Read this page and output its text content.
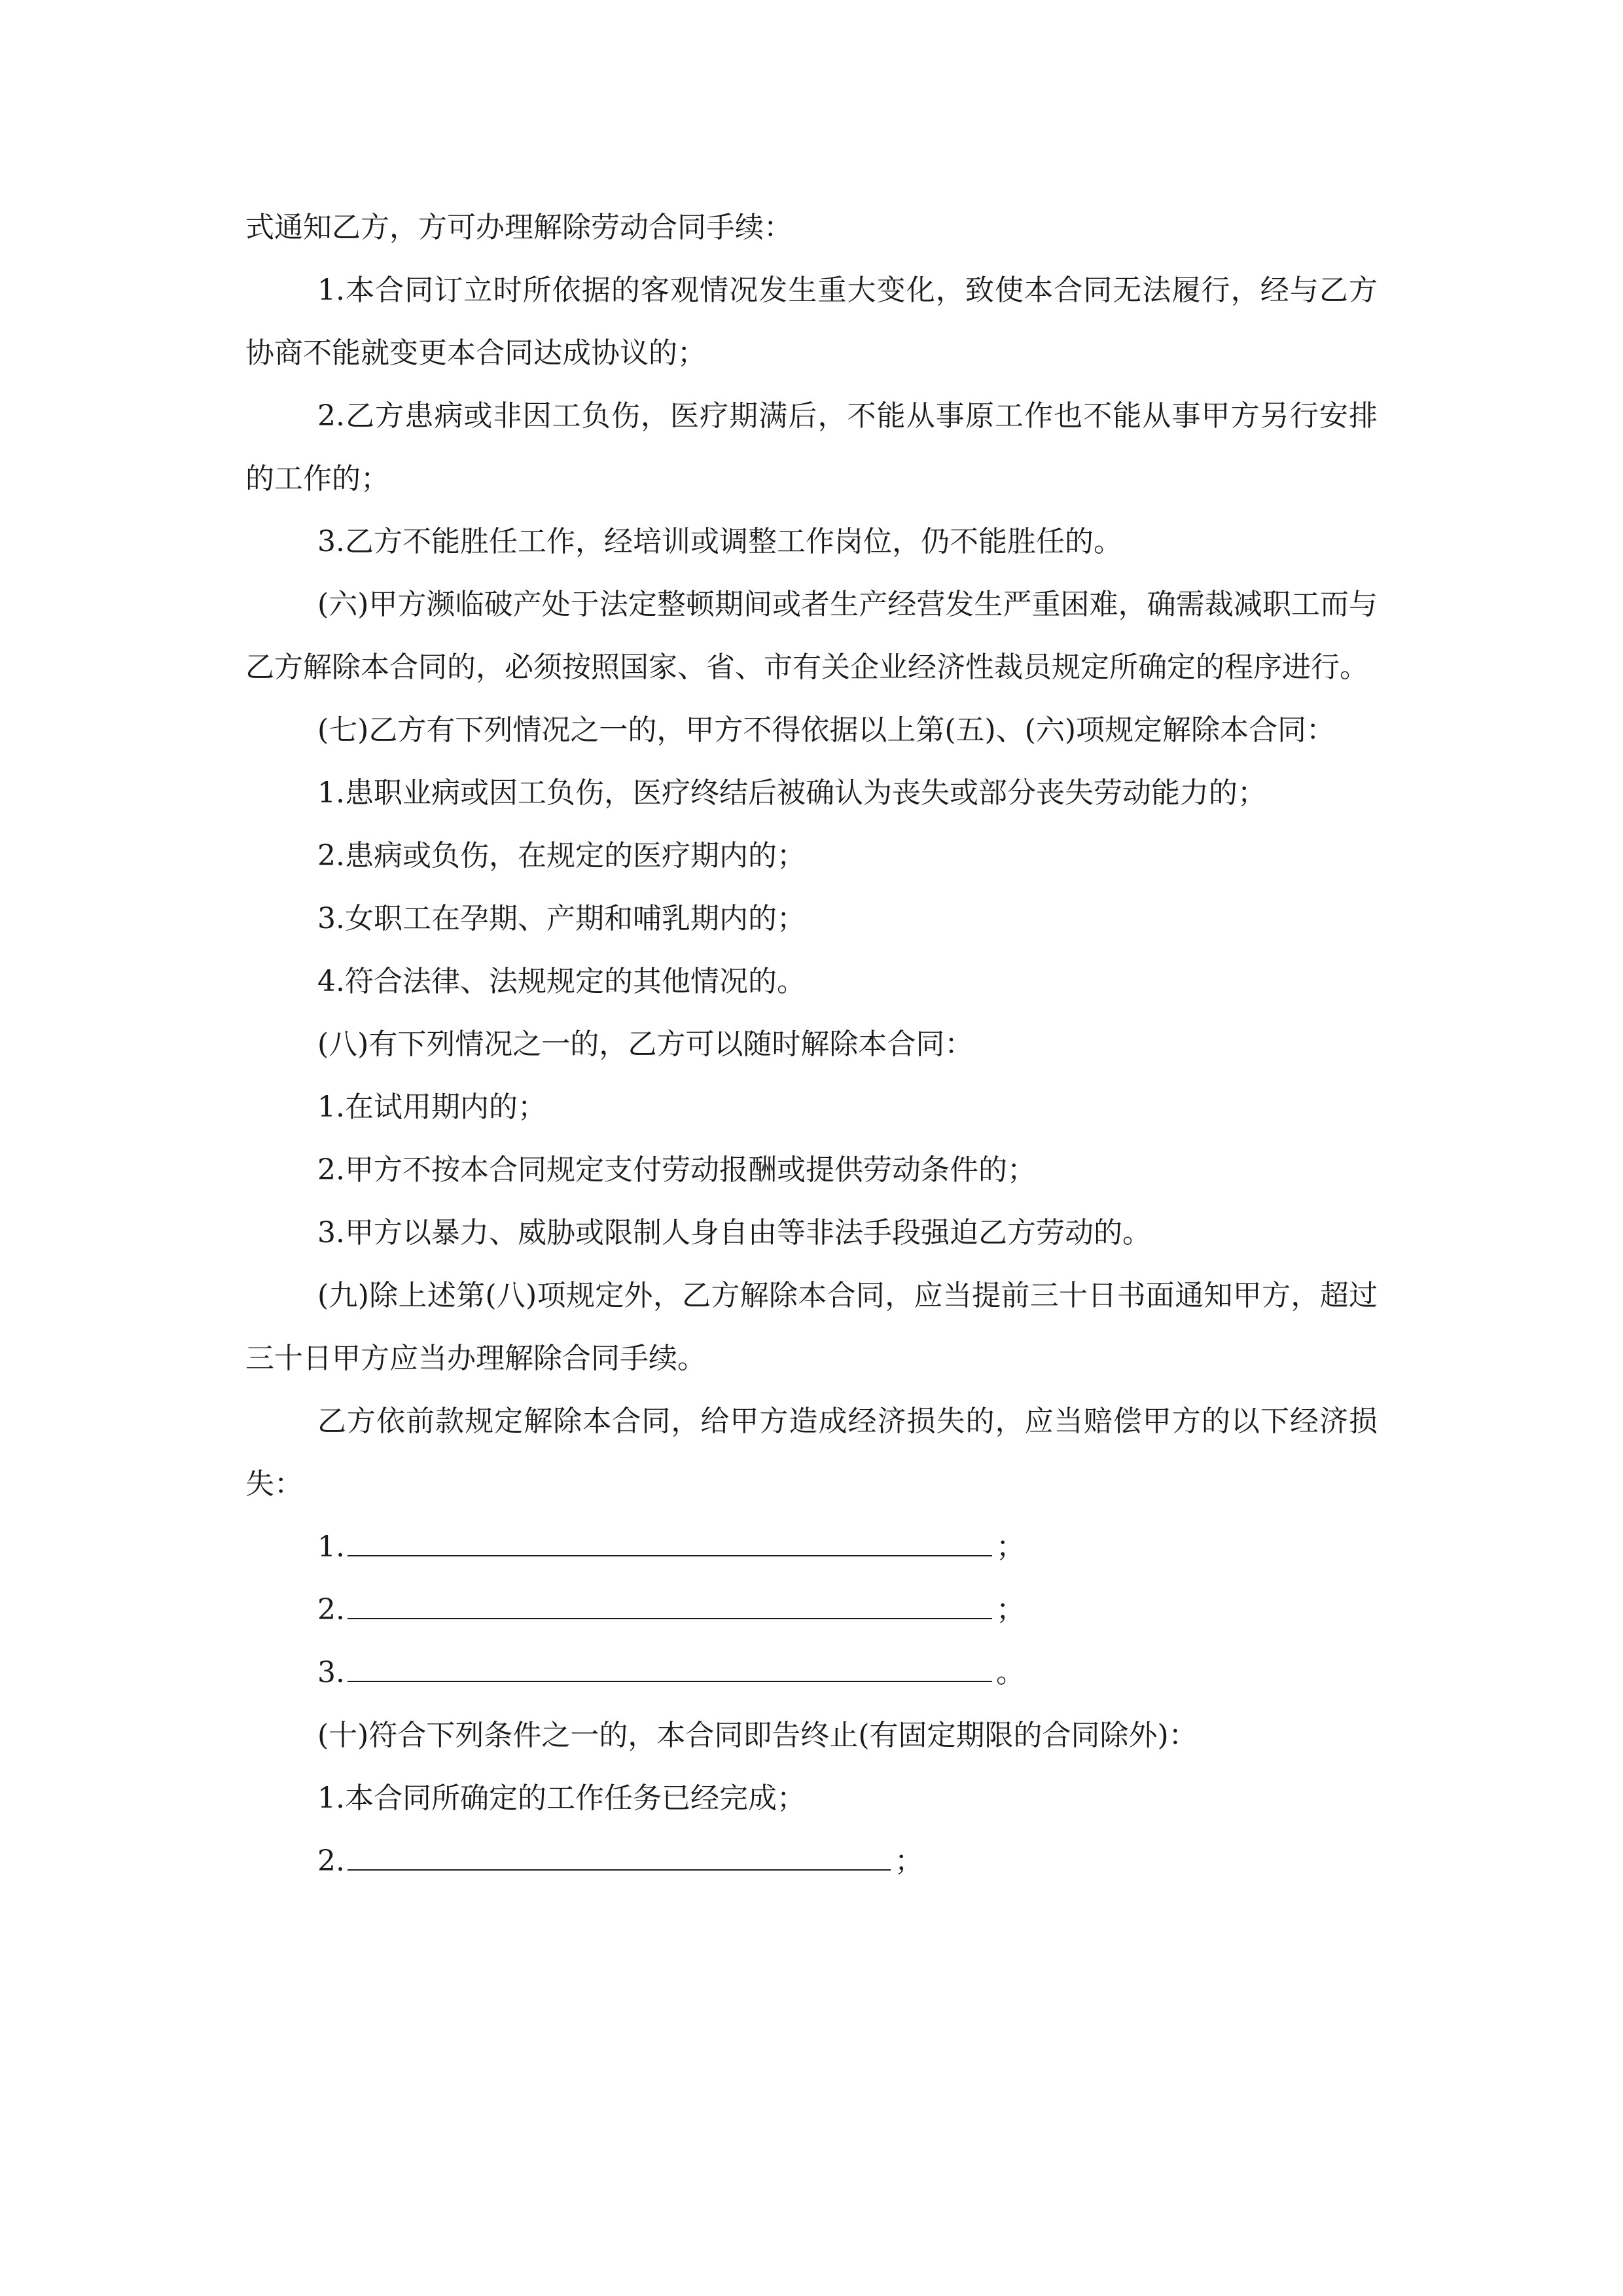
式通知乙方，方可办理解除劳动合同手续：

1.本合同订立时所依据的客观情况发生重大变化，致使本合同无法履行，经与乙方协商不能就变更本合同达成协议的；

2.乙方患病或非因工负伤，医疗期满后，不能从事原工作也不能从事甲方另行安排的工作的；

3.乙方不能胜任工作，经培训或调整工作岗位，仍不能胜任的。

(六)甲方濒临破产处于法定整顿期间或者生产经营发生严重困难，确需裁减职工而与乙方解除本合同的，必须按照国家、省、市有关企业经济性裁员规定所确定的程序进行。

(七)乙方有下列情况之一的，甲方不得依据以上第(五)、(六)项规定解除本合同：

1.患职业病或因工负伤，医疗终结后被确认为丧失或部分丧失劳动能力的；

2.患病或负伤，在规定的医疗期内的；

3.女职工在孕期、产期和哺乳期内的；

4.符合法律、法规规定的其他情况的。

(八)有下列情况之一的，乙方可以随时解除本合同：

1.在试用期内的；

2.甲方不按本合同规定支付劳动报酬或提供劳动条件的；

3.甲方以暴力、威胁或限制人身自由等非法手段强迫乙方劳动的。

(九)除上述第(八)项规定外，乙方解除本合同，应当提前三十日书面通知甲方，超过三十日甲方应当办理解除合同手续。

乙方依前款规定解除本合同，给甲方造成经济损失的，应当赔偿甲方的以下经济损失：

1.	；

2.	；

3.	。

(十)符合下列条件之一的，本合同即告终止(有固定期限的合同除外)：

1.本合同所确定的工作任务已经完成；

2.	；
